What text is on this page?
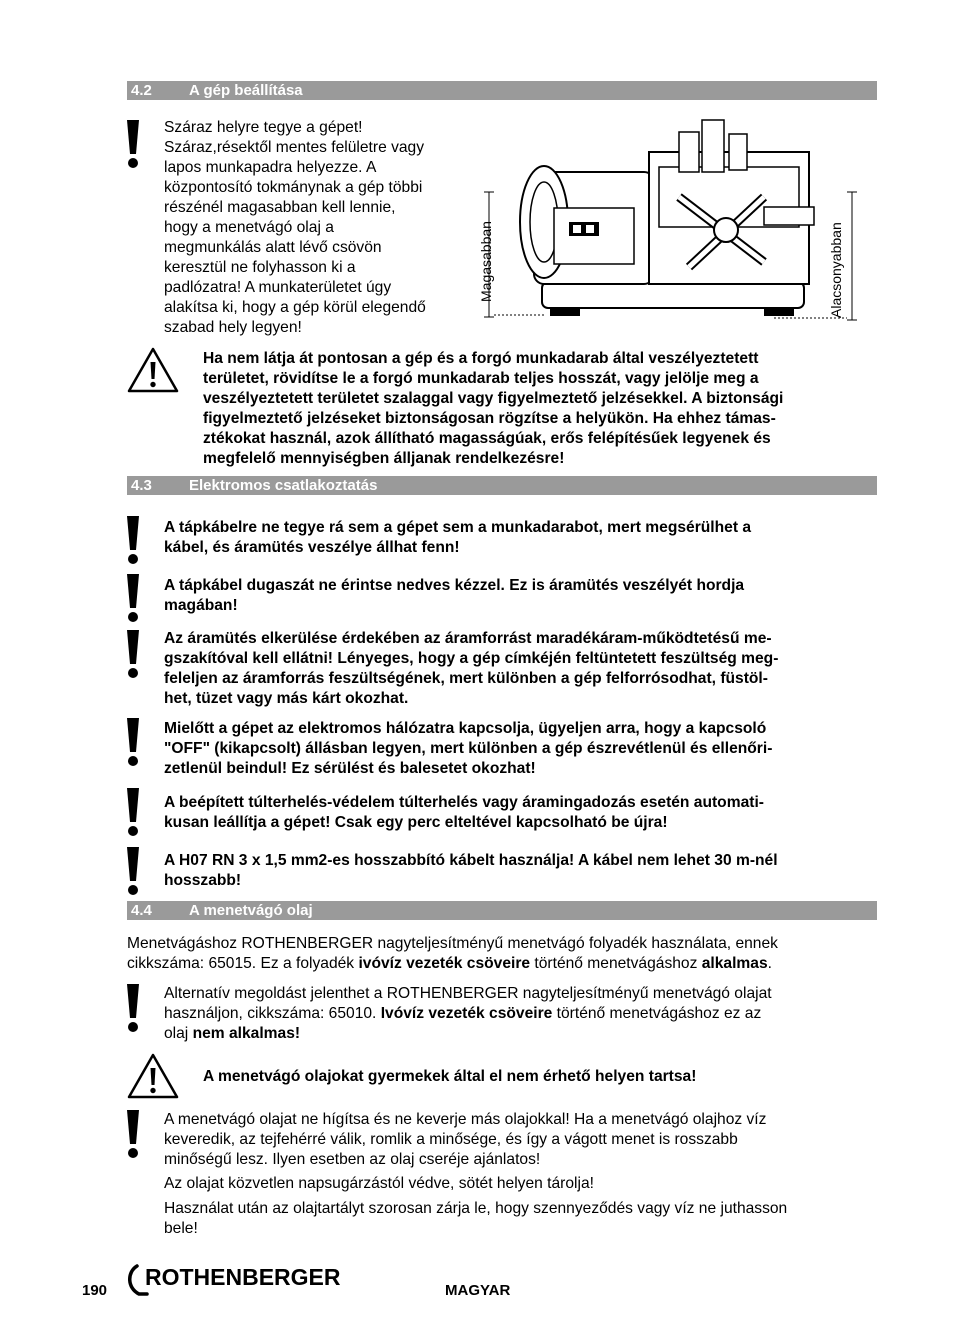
4.2 A gép beállítása
Száraz helyre tegye a gépet!
Száraz,résektől mentes felületre vagy
lapos munkapadra helyezze. A
központosító tokmánynak a gép többi
részénél magasabban kell lennie,
hogy a menetvágó olaj a
megmunkálás alatt lévő csövön
keresztül ne folyhasson ki a
padlózatra! A munkaterületet úgy
alakítsa ki, hogy a gép körül elegendő
szabad hely legyen!
Magasabban	Alacsonyabban
Ha nem látja át pontosan a gép és a forgó munkadarab által veszélyeztetett
területet, rövidítse le a forgó munkadarab teljes hosszát, vagy jelölje meg a
veszélyeztetett területet szalaggal vagy figyelmeztető jelzésekkel. A biztonsági
figyelmeztető jelzéseket biztonságosan rögzítse a helyükön. Ha ehhez támas-
ztékokat használ, azok állítható magasságúak, erős felépítésűek legyenek és
megfelelő mennyiségben álljanak rendelkezésre!
4.3 Elektromos csatlakoztatás
A tápkábelre ne tegye rá sem a gépet sem a munkadarabot, mert megsérülhet a
kábel, és áramütés veszélye állhat fenn!
A tápkábel dugaszát ne érintse nedves kézzel. Ez is áramütés veszélyét hordja
magában!
Az áramütés elkerülése érdekében az áramforrást maradékáram-működtetésű me-
gszakítóval kell ellátni! Lényeges, hogy a gép címkéjén feltüntetett feszültség meg-
feleljen az áramforrás feszültségének, mert különben a gép felforrósodhat, füstöl-
het, tüzet vagy más kárt okozhat.
Mielőtt a gépet az elektromos hálózatra kapcsolja, ügyeljen arra, hogy a kapcsoló
"OFF" (kikapcsolt) állásban legyen, mert különben a gép észrevétlenül és ellenőri-
zetlenül beindul! Ez sérülést és balesetet okozhat!
A beépített túlterhelés-védelem túlterhelés vagy áramingadozás esetén automati-
kusan leállítja a gépet! Csak egy perc elteltével kapcsolható be újra!
A H07 RN 3 x 1,5 mm2-es hosszabbító kábelt használja! A kábel nem lehet 30 m-nél
hosszabb!
4.4 A menetvágó olaj
Menetvágáshoz ROTHENBERGER nagyteljesítményű menetvágó folyadék használata, ennek
cikkszáma: 65015. Ez a folyadék ivóvíz vezeték csöveire történő menetvágáshoz alkalmas.
Alternatív megoldást jelenthet a ROTHENBERGER nagyteljesítményű menetvágó olajat
használjon, cikkszáma: 65010. Ivóvíz vezeték csöveire történő menetvágáshoz ez az
olaj nem alkalmas!
A menetvágó olajokat gyermekek által el nem érhető helyen tartsa!
A menetvágó olajat ne hígítsa és ne keverje más olajokkal! Ha a menetvágó olajhoz víz
keveredik, az tejfehérré válik, romlik a minősége, és így a vágott menet is rosszabb
minőségű lesz. Ilyen esetben az olaj cseréje ajánlatos!
Az olajat közvetlen napsugárzástól védve, sötét helyen tárolja!
Használat után az olajtartályt szorosan zárja le, hogy szennyeződés vagy víz ne juthasson
bele!
190
ROTHENBERGER
MAGYAR
